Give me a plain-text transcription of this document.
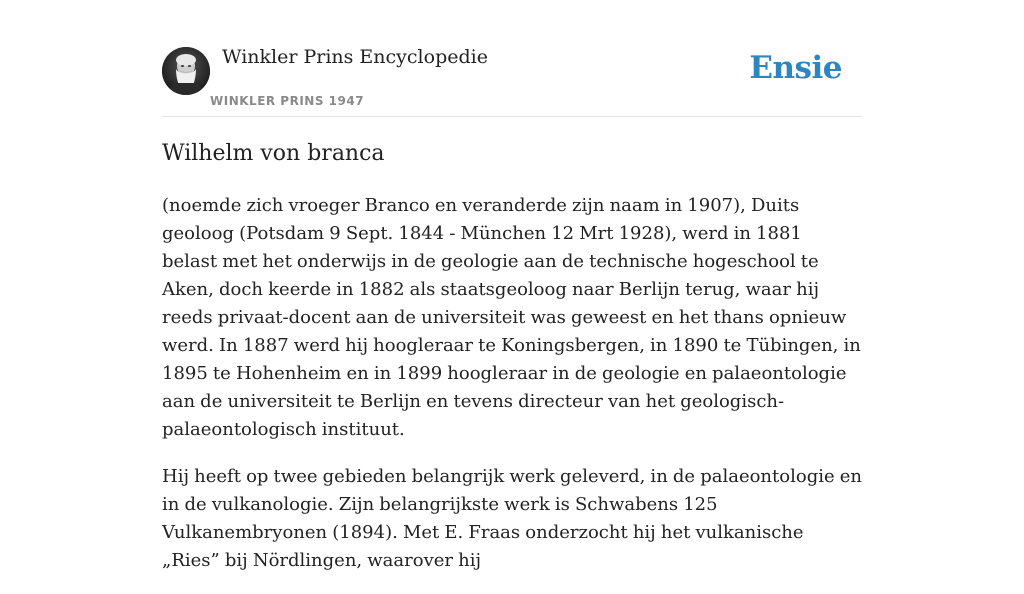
Winkler Prins Encyclopedie
WINKLER PRINS 1947
Ensie
Wilhelm von branca

(noemde zich vroeger Branco en veranderde zijn naam in 1907), Duits geoloog (Potsdam 9 Sept. 1844 - München 12 Mrt 1928), werd in 1881 belast met het onderwijs in de geologie aan de technische hogeschool te Aken, doch keerde in 1882 als staatsgeoloog naar Berlijn terug, waar hij reeds privaat-docent aan de universiteit was geweest en het thans opnieuw werd. In 1887 werd hij hoogleraar te Koningsbergen, in 1890 te Tübingen, in 1895 te Hohenheim en in 1899 hoogleraar in de geologie en palaeontologie aan de universiteit te Berlijn en tevens directeur van het geologisch-palaeontologisch instituut.

Hij heeft op twee gebieden belangrijk werk geleverd, in de palaeontologie en in de vulkanologie. Zijn belangrijkste werk is Schwabens 125 Vulkanembryonen (1894). Met E. Fraas onderzocht hij het vulkanische „Ries” bij Nördlingen, waarover hij
